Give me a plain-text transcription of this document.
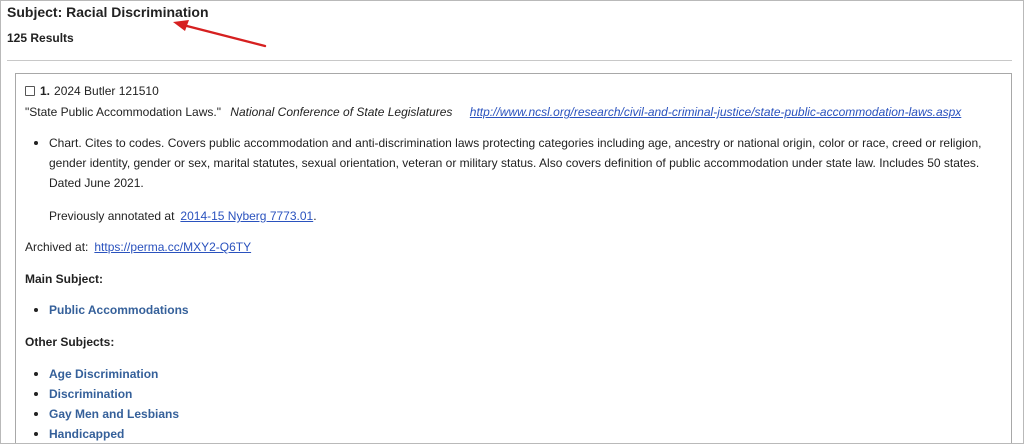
Subject: Racial Discrimination
125 Results
1. 2024 Butler 121510
"State Public Accommodation Laws." National Conference of State Legislatures http://www.ncsl.org/research/civil-and-criminal-justice/state-public-accommodation-laws.aspx
Chart. Cites to codes. Covers public accommodation and anti-discrimination laws protecting categories including age, ancestry or national origin, color or race, creed or religion, gender identity, gender or sex, marital statutes, sexual orientation, veteran or military status. Also covers definition of public accommodation under state law. Includes 50 states. Dated June 2021.
Previously annotated at 2014-15 Nyberg 7773.01.
Archived at: https://perma.cc/MXY2-Q6TY
Main Subject:
Public Accommodations
Other Subjects:
Age Discrimination
Discrimination
Gay Men and Lesbians
Handicapped
